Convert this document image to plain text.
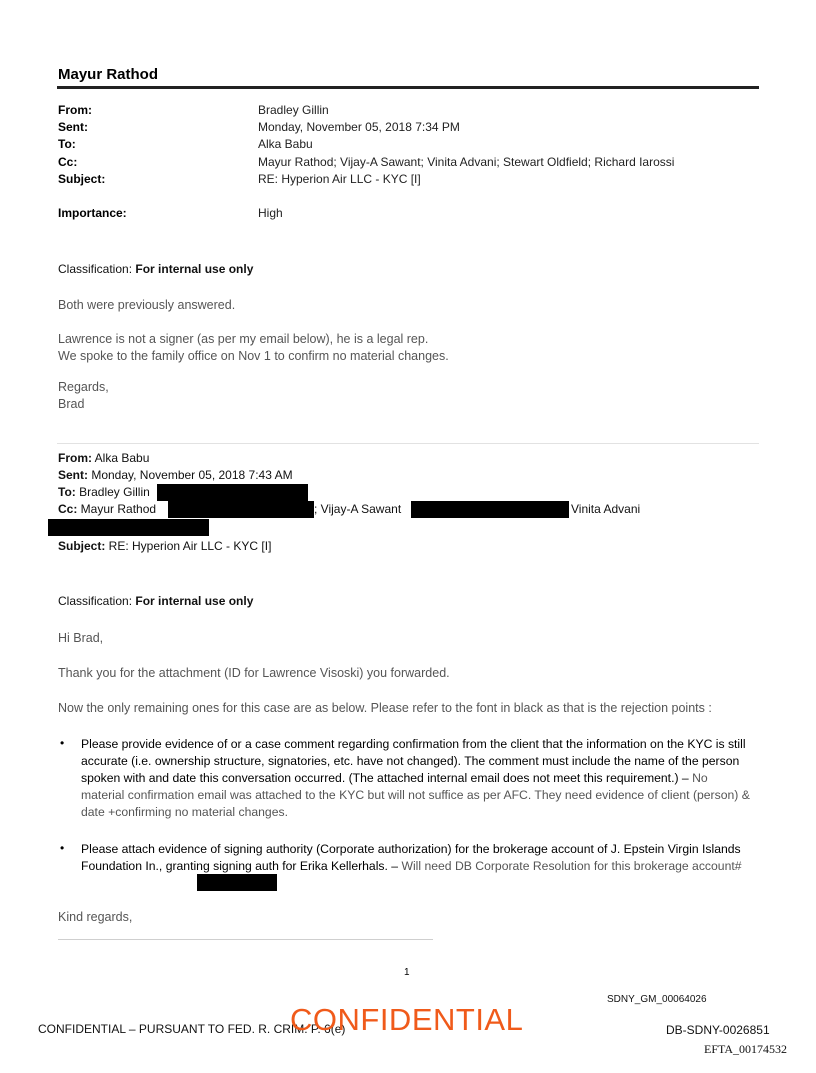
Mayur Rathod
From:	Bradley Gillin
Sent:	Monday, November 05, 2018 7:34 PM
To:	Alka Babu
Cc:	Mayur Rathod; Vijay-A Sawant; Vinita Advani; Stewart Oldfield; Richard Iarossi
Subject:	RE: Hyperion Air LLC - KYC [I]
Importance:	High
Classification: For internal use only
Both were previously answered.
Lawrence is not a signer (as per my email below), he is a legal rep.
We spoke to the family office on Nov 1 to confirm no material changes.
Regards,
Brad
From: Alka Babu
Sent: Monday, November 05, 2018 7:43 AM
To: Bradley Gillin
Cc: Mayur Rathod	; Vijay-A Sawant	Vinita Advani
Subject: RE: Hyperion Air LLC - KYC [I]
Classification: For internal use only
Hi Brad,
Thank you for the attachment (ID for Lawrence Visoski) you forwarded.
Now the only remaining ones for this case are as below. Please refer to the font in black as that is the rejection points :
• Please provide evidence of or a case comment regarding confirmation from the client that the information on the KYC is still accurate (i.e. ownership structure, signatories, etc. have not changed). The comment must include the name of the person spoken with and date this conversation occurred. (The attached internal email does not meet this requirement.) – No material confirmation email was attached to the KYC but will not suffice as per AFC. They need evidence of client (person) & date +confirming no material changes.
• Please attach evidence of signing authority (Corporate authorization) for the brokerage account of J. Epstein Virgin Islands Foundation In., granting signing auth for Erika Kellerhals. – Will need DB Corporate Resolution for this brokerage account#
Kind regards,
1
SDNY_GM_00064026
CONFIDENTIAL – PURSUANT TO FED. R. CRIM. P. 6(e)
CONFIDENTIAL	DB-SDNY-0026851
EFTA_00174532
